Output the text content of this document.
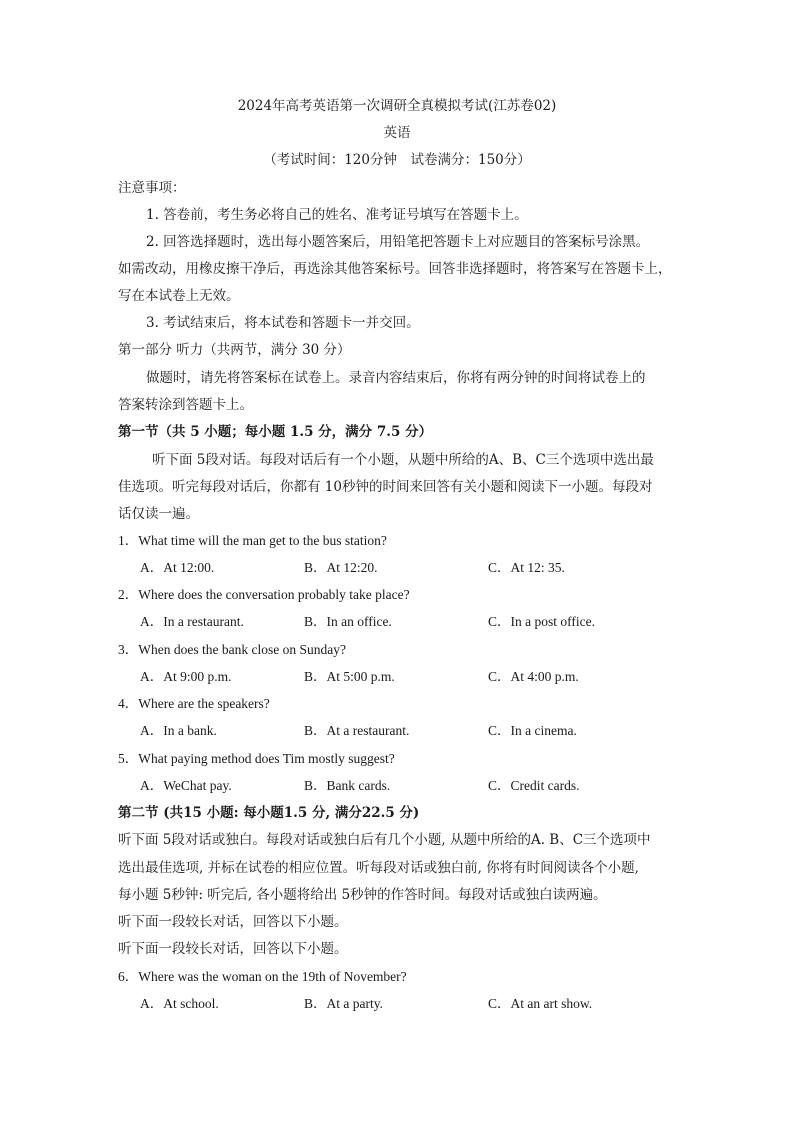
2024年高考英语第一次调研全真模拟考试(江苏卷02)
英语
（考试时间：120分钟　试卷满分：150分）
注意事项：
1. 答卷前，考生务必将自己的姓名、准考证号填写在答题卡上。
2. 回答选择题时，选出每小题答案后，用铅笔把答题卡上对应题目的答案标号涂黑。
如需改动，用橡皮擦干净后，再选涂其他答案标号。回答非选择题时，将答案写在答题卡上，
写在本试卷上无效。
3. 考试结束后，将本试卷和答题卡一并交回。
第一部分 听力（共两节，满分 30 分）
做题时，请先将答案标在试卷上。录音内容结束后，你将有两分钟的时间将试卷上的
答案转涂到答题卡上。
第一节（共 5 小题；每小题 1.5 分，满分 7.5 分）
听下面 5段对话。每段对话后有一个小题，从题中所给的A、B、C三个选项中选出最
佳选项。听完每段对话后，你都有 10秒钟的时间来回答有关小题和阅读下一小题。每段对
话仅读一遍。
1．What time will the man get to the bus station?
A．At 12:00.	B．At 12:20.	C．At 12: 35.
2．Where does the conversation probably take place?
A．In a restaurant.	B．In an office.	C．In a post office.
3．When does the bank close on Sunday?
A．At 9:00 p.m.	B．At 5:00 p.m.	C．At 4:00 p.m.
4．Where are the speakers?
A．In a bank.	B．At a restaurant.	C．In a cinema.
5．What paying method does Tim mostly suggest?
A．WeChat pay.	B．Bank cards.	C．Credit cards.
第二节 (共15 小题: 每小题1.5 分, 满分22.5 分)
听下面 5段对话或独白。每段对话或独白后有几个小题, 从题中所给的A. B、C三个选项中
选出最佳选项, 并标在试卷的相应位置。听每段对话或独白前, 你将有时间阅读各个小题,
每小题 5秒钟: 听完后, 各小题将给出 5秒钟的作答时间。每段对话或独白读两遍。
听下面一段较长对话，回答以下小题。
听下面一段较长对话，回答以下小题。
6．Where was the woman on the 19th of November?
A．At school.	B．At a party.	C．At an art show.
